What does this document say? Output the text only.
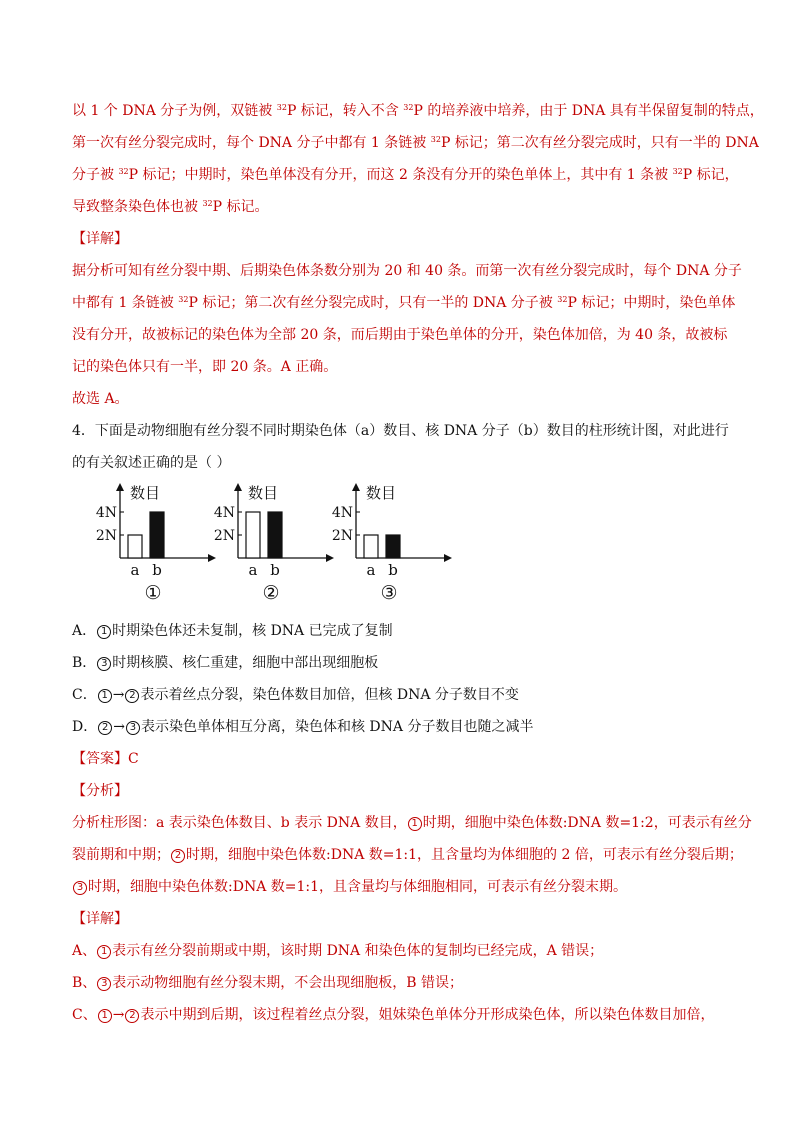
以 1 个 DNA 分子为例，双链被 $^{32}$P 标记，转入不含 $^{32}$P 的培养液中培养，由于 DNA 具有半保留复制的特点，
第一次有丝分裂完成时，每个 DNA 分子中都有 1 条链被 $^{32}$P 标记；第二次有丝分裂完成时，只有一半的 DNA
分子被 $^{32}$P 标记；中期时，染色单体没有分开，而这 2 条没有分开的染色单体上，其中有 1 条被 $^{32}$P 标记，
导致整条染色体也被 $^{32}$P 标记。
【详解】
据分析可知有丝分裂中期、后期染色体条数分别为 20 和 40 条。而第一次有丝分裂完成时，每个 DNA 分子
中都有 1 条链被 $^{32}$P 标记；第二次有丝分裂完成时，只有一半的 DNA 分子被 $^{32}$P 标记；中期时，染色单体
没有分开，故被标记的染色体为全部 20 条，而后期由于染色单体的分开，染色体加倍，为 40 条，故被标
记的染色体只有一半，即 20 条。A 正确。
故选 A。
4．下面是动物细胞有丝分裂不同时期染色体（a）数目、核 DNA 分子（b）数目的柱形统计图，对此进行
的有关叙述正确的是（ ）
数目
4N
2N
a b
①
数目
4N
2N
a b
②
数目
4N
2N
a b
③
A． 1 时期染色体还未复制，核 DNA 已完成了复制
B． 3 时期核膜、核仁重建，细胞中部出现细胞板
C． 1 → 2 表示着丝点分裂，染色体数目加倍，但核 DNA 分子数目不变
D． 2 → 3 表示染色单体相互分离，染色体和核 DNA 分子数目也随之减半
【答案】C
【分析】
分析柱形图：a 表示染色体数目、b 表示 DNA 数目， 1 时期，细胞中染色体数:DNA 数=1:2，可表示有丝分
裂前期和中期； 2 时期，细胞中染色体数:DNA 数=1:1，且含量均为体细胞的 2 倍，可表示有丝分裂后期；
3 时期，细胞中染色体数:DNA 数=1:1，且含量均与体细胞相同，可表示有丝分裂末期。
【详解】
A、 1 表示有丝分裂前期或中期，该时期 DNA 和染色体的复制均已经完成，A 错误；
B、 3 表示动物细胞有丝分裂末期，不会出现细胞板，B 错误；
C、 1 → 2 表示中期到后期，该过程着丝点分裂，姐妹染色单体分开形成染色体，所以染色体数目加倍，
